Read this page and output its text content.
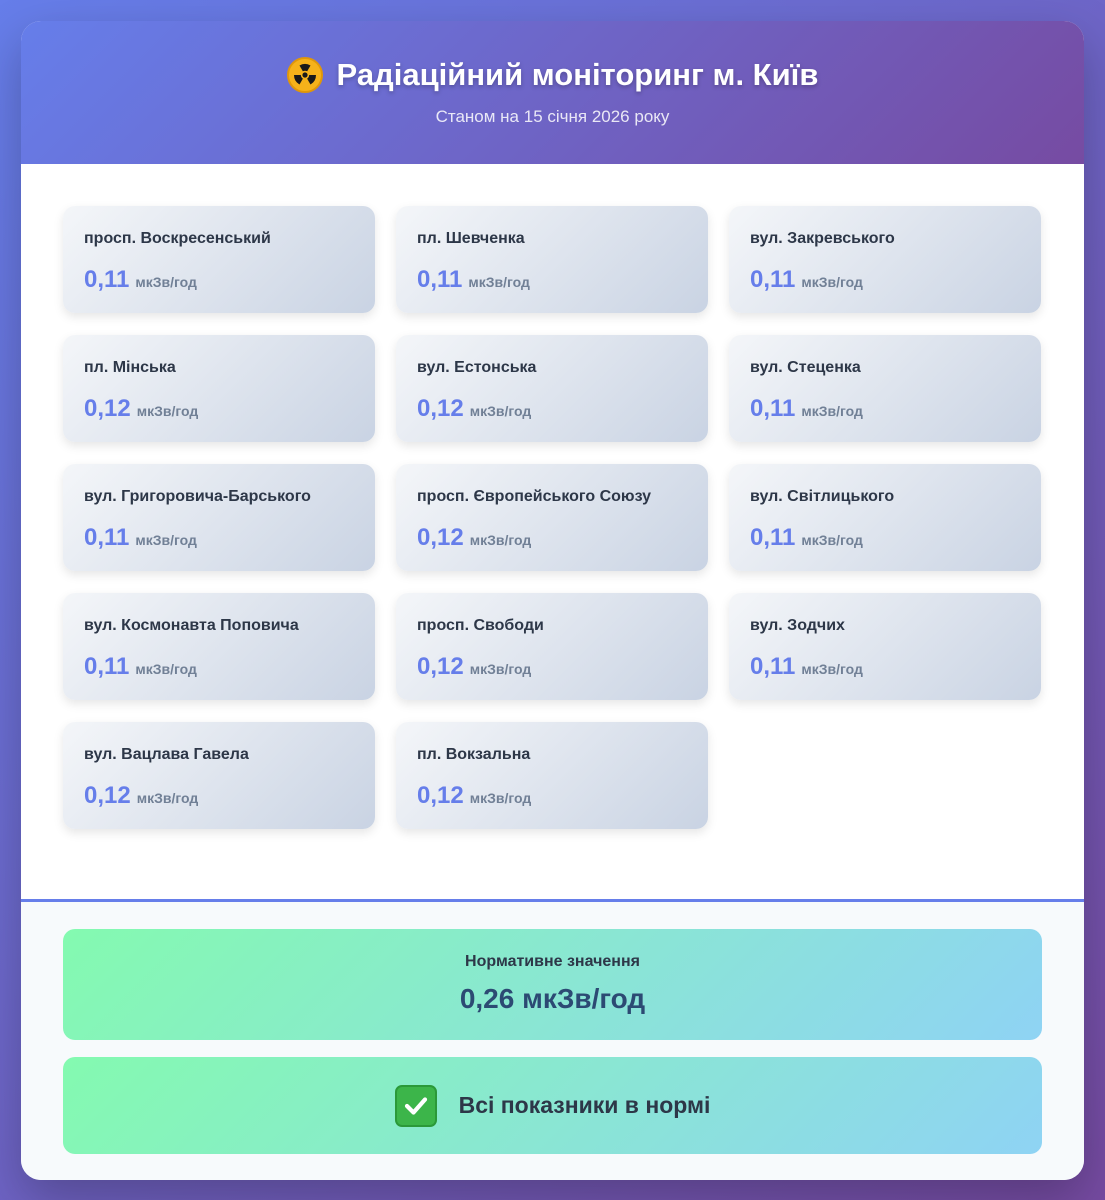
Радіаційний моніторинг м. Київ
Станом на 15 січня 2026 року
просп. Воскресенський
0,11 мкЗв/год
пл. Шевченка
0,11 мкЗв/год
вул. Закревського
0,11 мкЗв/год
пл. Мінська
0,12 мкЗв/год
вул. Естонська
0,12 мкЗв/год
вул. Стеценка
0,11 мкЗв/год
вул. Григоровича-Барського
0,11 мкЗв/год
просп. Європейського Союзу
0,12 мкЗв/год
вул. Світлицького
0,11 мкЗв/год
вул. Космонавта Поповича
0,11 мкЗв/год
просп. Свободи
0,12 мкЗв/год
вул. Зодчих
0,11 мкЗв/год
вул. Вацлава Гавела
0,12 мкЗв/год
пл. Вокзальна
0,12 мкЗв/год
Нормативне значення
0,26 мкЗв/год
Всі показники в нормі
